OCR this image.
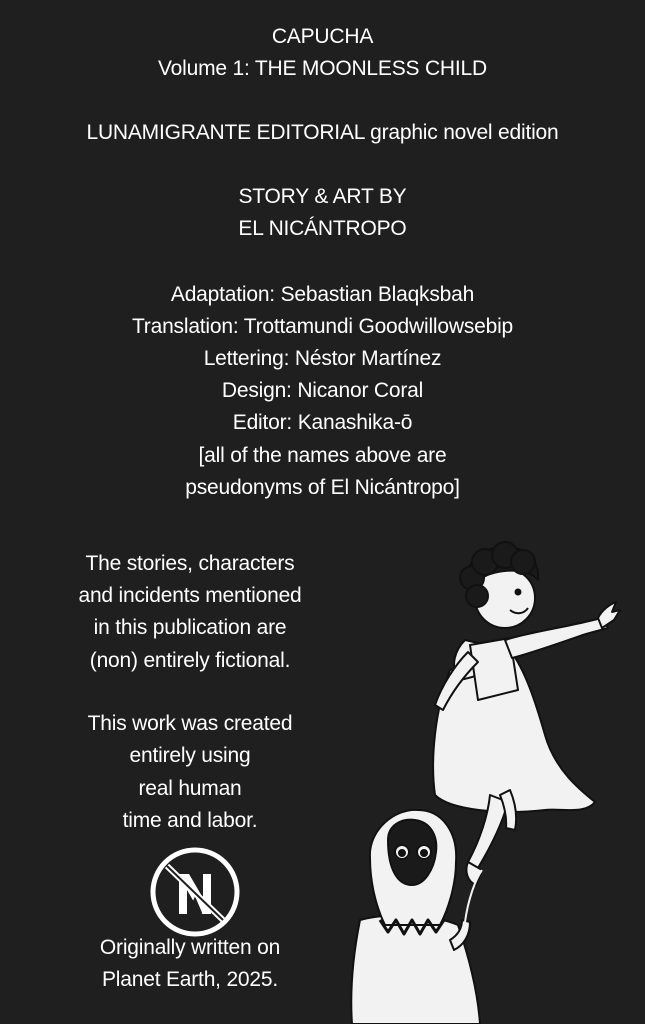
CAPUCHA
Volume 1: THE MOONLESS CHILD
LUNAMIGRANTE EDITORIAL graphic novel edition
STORY & ART BY
EL NICÁNTROPO
Adaptation: Sebastian Blaqksbah
Translation: Trottamundi Goodwillowsebip
Lettering: Néstor Martínez
Design: Nicanor Coral
Editor: Kanashika-ō
[all of the names above are
pseudonyms of El Nicántropo]
The stories, characters
and incidents mentioned
in this publication are
(non) entirely fictional.
This work was created
entirely using
real human
time and labor.
Originally written on
Planet Earth, 2025.
